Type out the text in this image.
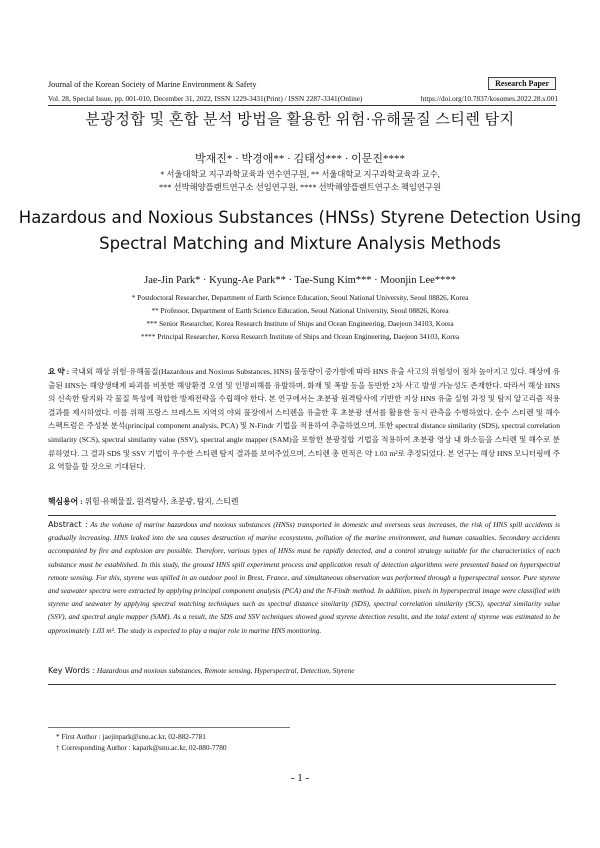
Journal of the Korean Society of Marine Environment & Safety	Research Paper
Vol. 28, Special Issue, pp. 001-010, December 31, 2022, ISSN 1229-3431(Print) / ISSN 2287-3341(Online)	https://doi.org/10.7837/kosomes.2022.28.s.001
분광정합 및 혼합 분석 방법을 활용한 위험·유해물질 스티렌 탐지
박재진* · 박경애** · 김태성*** · 이문진****
* 서울대학교 지구과학교육과 연수연구원, ** 서울대학교 지구과학교육과 교수,
*** 선박해양플랜트연구소 선임연구원, **** 선박해양플랜트연구소 책임연구원
Hazardous and Noxious Substances (HNSs) Styrene Detection Using
Spectral Matching and Mixture Analysis Methods
Jae-Jin Park* · Kyung-Ae Park** · Tae-Sung Kim*** · Moonjin Lee****
* Postdoctoral Researcher, Department of Earth Science Education, Seoul National University, Seoul 08826, Korea
** Professor, Department of Earth Science Education, Seoul National University, Seoul 08826, Korea
*** Senior Researcher, Korea Research Institute of Ships and Ocean Engineering, Daejeon 34103, Korea
**** Principal Researcher, Korea Research Institute of Ships and Ocean Engineering, Daejeon 34103, Korea
요 약 : 국내외 해상 위험·유해물질(Hazardous and Noxious Substances, HNS) 물동량이 증가함에 따라 HNS 유출 사고의 위험성이 점차 높아지고 있다. 해상에 유출된 HNS는 해양생태계 파괴를 비롯한 해양환경 오염 및 인명피해를 유발하며, 화재 및 폭발 등을 동반한 2차 사고 발생 가능성도 존재한다. 따라서 해상 HNS의 신속한 탐지와 각 물질 특성에 적합한 방제전략을 수립해야 한다. 본 연구에서는 초분광 원격탐사에 기반한 지상 HNS 유출 실험 과정 및 탐지 알고리즘 적용 결과를 제시하였다. 이를 위해 프랑스 브레스트 지역의 야외 풀장에서 스티렌을 유출한 후 초분광 센서를 활용한 동시 관측을 수행하였다. 순수 스티렌 및 해수 스펙트럼은 주성분 분석(principal component analysis, PCA) 및 N-Findr 기법을 적용하여 추출하였으며, 또한 spectral distance similarity (SDS), spectral correlation similarity (SCS), spectral similarity value (SSV), spectral angle mapper (SAM)을 포함한 분광정합 기법을 적용하여 초분광 영상 내 화소들을 스티렌 및 해수로 분류하였다. 그 결과 SDS 및 SSV 기법이 우수한 스티렌 탐지 결과를 보여주었으며, 스티렌 총 면적은 약 1.03 m²로 추정되었다. 본 연구는 해상 HNS 모니터링에 주요 역할을 할 것으로 기대된다.
핵심용어 : 위험·유해물질, 원격탐사, 초분광, 탐지, 스티렌
Abstract : As the volume of marine hazardous and noxious substances (HNSs) transported in domestic and overseas seas increases, the risk of HNS spill accidents is gradually increasing. HNS leaked into the sea causes destruction of marine ecosystems, pollution of the marine environment, and human casualties. Secondary accidents accompanied by fire and explosion are possible. Therefore, various types of HNSs must be rapidly detected, and a control strategy suitable for the characteristics of each substance must be established. In this study, the ground HNS spill experiment process and application result of detection algorithms were presented based on hyperspectral remote sensing. For this, styrene was spilled in an outdoor pool in Brest, France, and simultaneous observation was performed through a hyperspectral sensor. Pure styrene and seawater spectra were extracted by applying principal component analysis (PCA) and the N-Findr method. In addition, pixels in hyperspectral image were classified with styrene and seawater by applying spectral matching techniques such as spectral distance similarity (SDS), spectral correlation similarity (SCS), spectral similarity value (SSV), and spectral angle mapper (SAM). As a result, the SDS and SSV techniques showed good styrene detection results, and the total extent of styrene was estimated to be approximately 1.03 m². The study is expected to play a major role in marine HNS monitoring.
Key Words : Hazardous and noxious substances, Remote sensing, Hyperspectral, Detection, Styrene
* First Author : jaejinpark@snu.ac.kr, 02-882-7781
† Corresponding Author : kapark@snu.ac.kr, 02-880-7780
- 1 -
